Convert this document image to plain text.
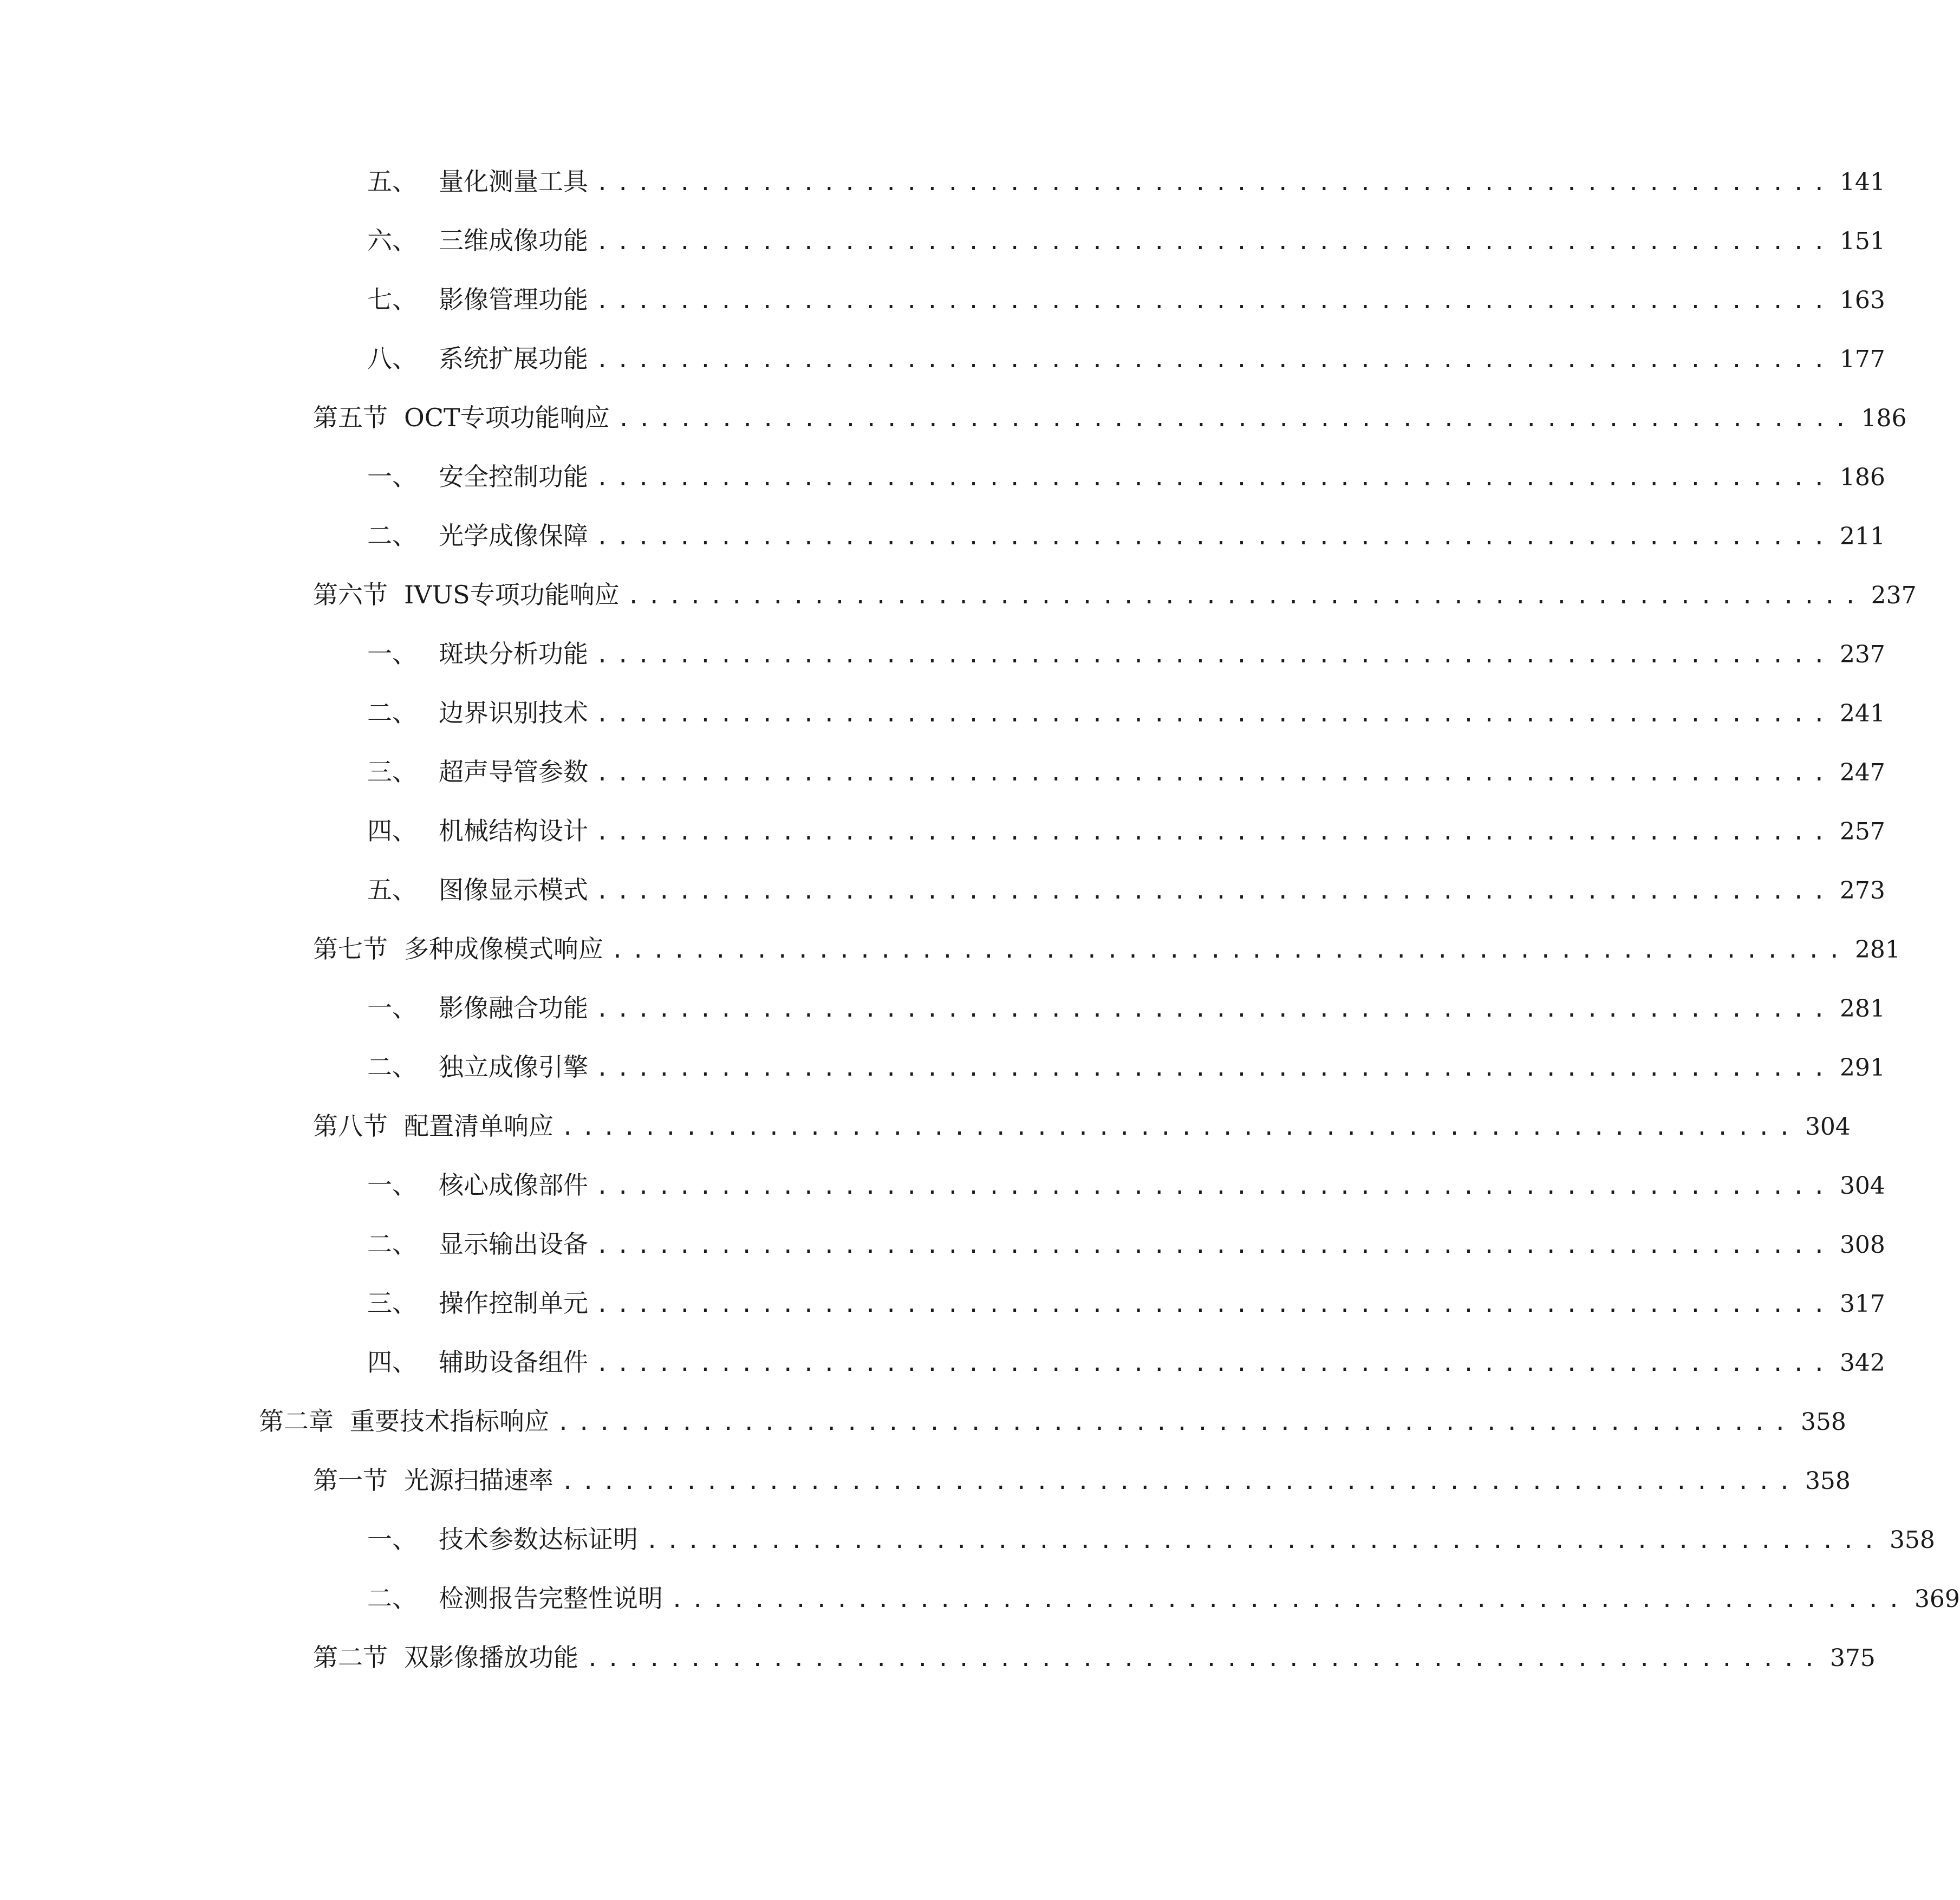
五、 量化测量工具 ............................................................ 141
六、 三维成像功能 ............................................................ 151
七、 影像管理功能 ............................................................ 163
八、 系统扩展功能 ............................................................ 177
第五节 OCT专项功能响应 ............................................................ 186
一、 安全控制功能 ............................................................ 186
二、 光学成像保障 ............................................................ 211
第六节 IVUS专项功能响应 ............................................................ 237
一、 斑块分析功能 ............................................................ 237
二、 边界识别技术 ............................................................ 241
三、 超声导管参数 ............................................................ 247
四、 机械结构设计 ............................................................ 257
五、 图像显示模式 ............................................................ 273
第七节 多种成像模式响应 ............................................................ 281
一、 影像融合功能 ............................................................ 281
二、 独立成像引擎 ............................................................ 291
第八节 配置清单响应 ............................................................ 304
一、 核心成像部件 ............................................................ 304
二、 显示输出设备 ............................................................ 308
三、 操作控制单元 ............................................................ 317
四、 辅助设备组件 ............................................................ 342
第二章 重要技术指标响应 ............................................................ 358
第一节 光源扫描速率 ............................................................ 358
一、 技术参数达标证明 ............................................................ 358
二、 检测报告完整性说明 ............................................................ 369
第二节 双影像播放功能 ............................................................ 375
